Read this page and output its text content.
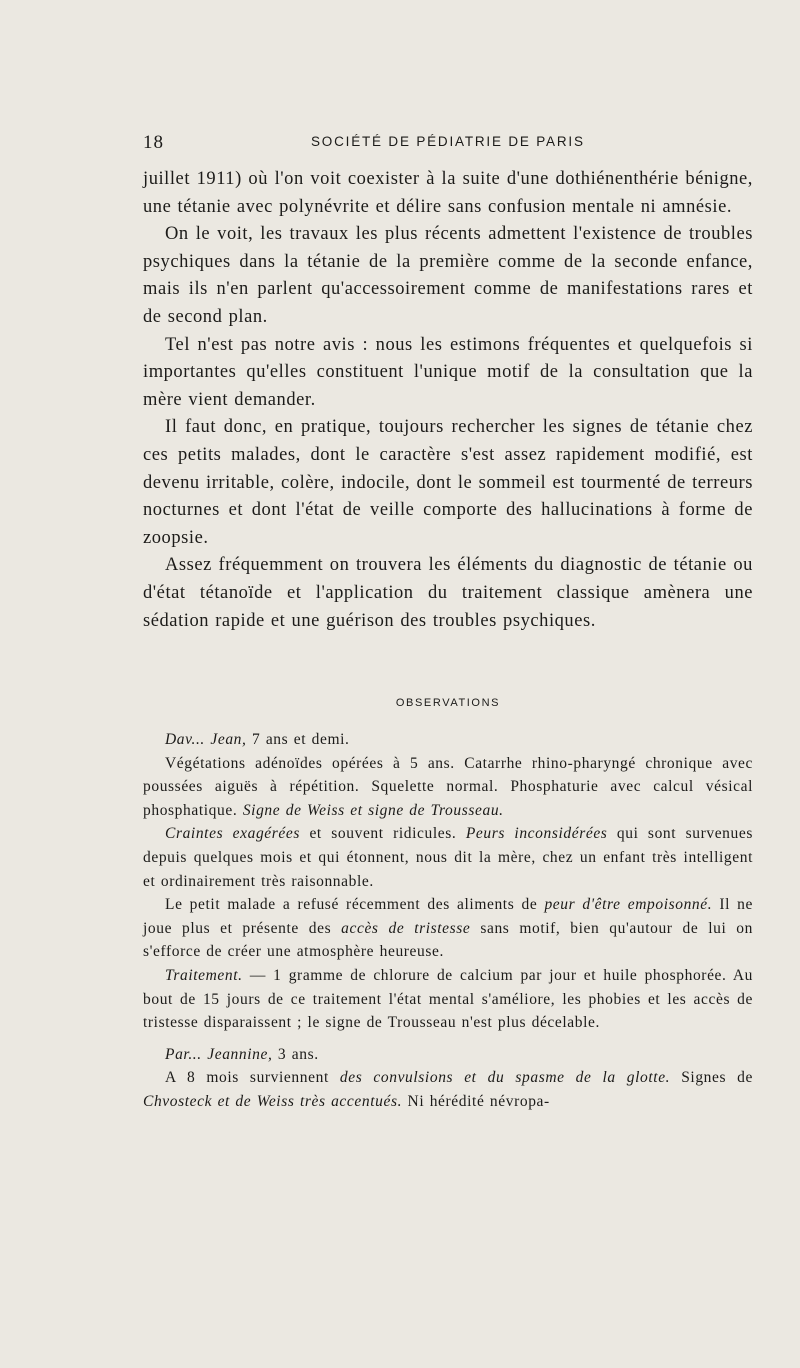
18	SOCIÉTÉ DE PÉDIATRIE DE PARIS

juillet 1911) où l'on voit coexister à la suite d'une dothiénenthérie bénigne, une tétanie avec polynévrite et délire sans confusion mentale ni amnésie.

On le voit, les travaux les plus récents admettent l'existence de troubles psychiques dans la tétanie de la première comme de la seconde enfance, mais ils n'en parlent qu'accessoirement comme de manifestations rares et de second plan.

Tel n'est pas notre avis : nous les estimons fréquentes et quelquefois si importantes qu'elles constituent l'unique motif de la consultation que la mère vient demander.

Il faut donc, en pratique, toujours rechercher les signes de tétanie chez ces petits malades, dont le caractère s'est assez rapidement modifié, est devenu irritable, colère, indocile, dont le sommeil est tourmenté de terreurs nocturnes et dont l'état de veille comporte des hallucinations à forme de zoopsie.

Assez fréquemment on trouvera les éléments du diagnostic de tétanie ou d'état tétanoïde et l'application du traitement classique amènera une sédation rapide et une guérison des troubles psychiques.

OBSERVATIONS

Dav... Jean, 7 ans et demi.

Végétations adénoïdes opérées à 5 ans. Catarrhe rhino-pharyngé chronique avec poussées aiguës à répétition. Squelette normal. Phosphaturie avec calcul vésical phosphatique. Signe de Weiss et signe de Trousseau.

Craintes exagérées et souvent ridicules. Peurs inconsidérées qui sont survenues depuis quelques mois et qui étonnent, nous dit la mère, chez un enfant très intelligent et ordinairement très raisonnable.

Le petit malade a refusé récemment des aliments de peur d'être empoisonné. Il ne joue plus et présente des accès de tristesse sans motif, bien qu'autour de lui on s'efforce de créer une atmosphère heureuse.

Traitement. — 1 gramme de chlorure de calcium par jour et huile phosphorée. Au bout de 15 jours de ce traitement l'état mental s'améliore, les phobies et les accès de tristesse disparaissent ; le signe de Trousseau n'est plus décelable.

Par... Jeannine, 3 ans.

A 8 mois surviennent des convulsions et du spasme de la glotte. Signes de Chvosteck et de Weiss très accentués. Ni hérédité névropa-
